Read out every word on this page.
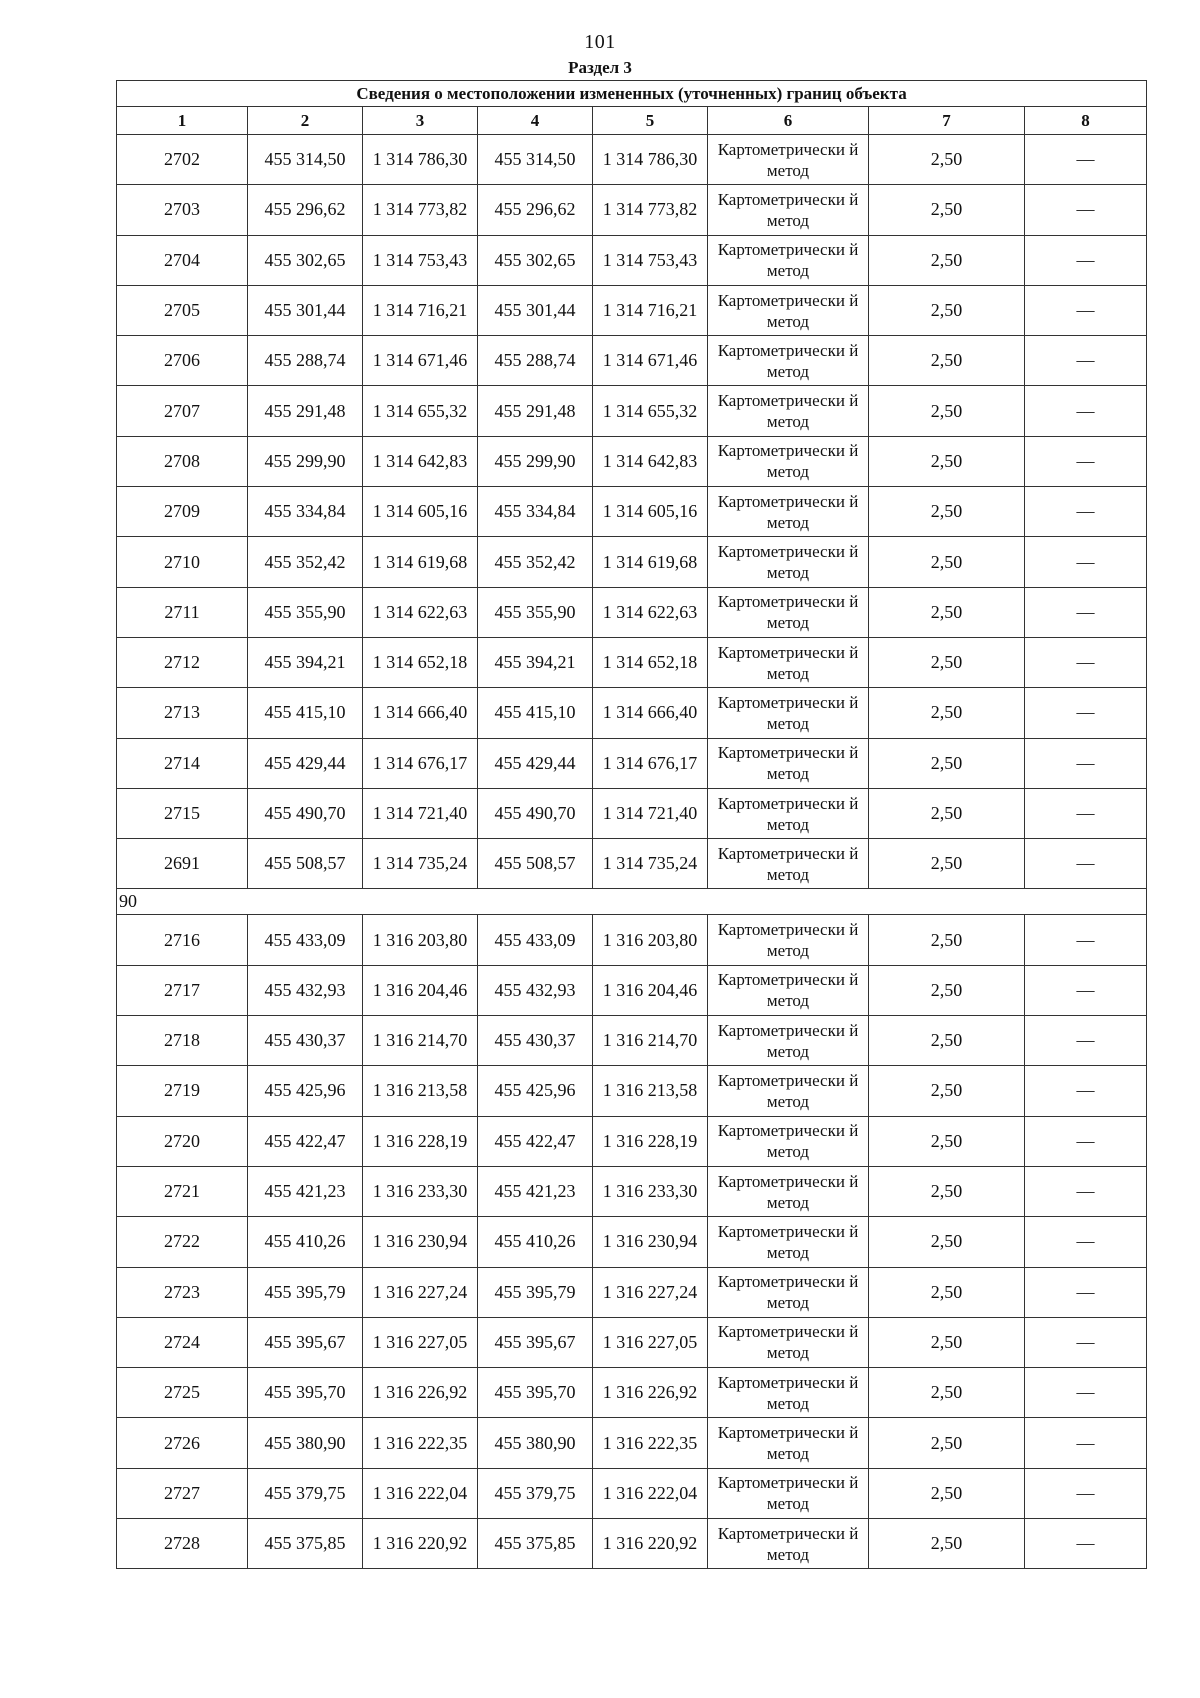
101
Раздел 3
Сведения о местоположении измененных (уточненных) границ объекта							
1	2	3	4	5	6	7	8
2702	455 314,50	1 314 786,30	455 314,50	1 314 786,30	Картометрически й метод	2,50	—
2703	455 296,62	1 314 773,82	455 296,62	1 314 773,82	Картометрически й метод	2,50	—
2704	455 302,65	1 314 753,43	455 302,65	1 314 753,43	Картометрически й метод	2,50	—
2705	455 301,44	1 314 716,21	455 301,44	1 314 716,21	Картометрически й метод	2,50	—
2706	455 288,74	1 314 671,46	455 288,74	1 314 671,46	Картометрически й метод	2,50	—
2707	455 291,48	1 314 655,32	455 291,48	1 314 655,32	Картометрически й метод	2,50	—
2708	455 299,90	1 314 642,83	455 299,90	1 314 642,83	Картометрически й метод	2,50	—
2709	455 334,84	1 314 605,16	455 334,84	1 314 605,16	Картометрически й метод	2,50	—
2710	455 352,42	1 314 619,68	455 352,42	1 314 619,68	Картометрически й метод	2,50	—
2711	455 355,90	1 314 622,63	455 355,90	1 314 622,63	Картометрически й метод	2,50	—
2712	455 394,21	1 314 652,18	455 394,21	1 314 652,18	Картометрически й метод	2,50	—
2713	455 415,10	1 314 666,40	455 415,10	1 314 666,40	Картометрически й метод	2,50	—
2714	455 429,44	1 314 676,17	455 429,44	1 314 676,17	Картометрически й метод	2,50	—
2715	455 490,70	1 314 721,40	455 490,70	1 314 721,40	Картометрически й метод	2,50	—
2691	455 508,57	1 314 735,24	455 508,57	1 314 735,24	Картометрически й метод	2,50	—
90							
2716	455 433,09	1 316 203,80	455 433,09	1 316 203,80	Картометрически й метод	2,50	—
2717	455 432,93	1 316 204,46	455 432,93	1 316 204,46	Картометрически й метод	2,50	—
2718	455 430,37	1 316 214,70	455 430,37	1 316 214,70	Картометрически й метод	2,50	—
2719	455 425,96	1 316 213,58	455 425,96	1 316 213,58	Картометрически й метод	2,50	—
2720	455 422,47	1 316 228,19	455 422,47	1 316 228,19	Картометрически й метод	2,50	—
2721	455 421,23	1 316 233,30	455 421,23	1 316 233,30	Картометрически й метод	2,50	—
2722	455 410,26	1 316 230,94	455 410,26	1 316 230,94	Картометрически й метод	2,50	—
2723	455 395,79	1 316 227,24	455 395,79	1 316 227,24	Картометрически й метод	2,50	—
2724	455 395,67	1 316 227,05	455 395,67	1 316 227,05	Картометрически й метод	2,50	—
2725	455 395,70	1 316 226,92	455 395,70	1 316 226,92	Картометрически й метод	2,50	—
2726	455 380,90	1 316 222,35	455 380,90	1 316 222,35	Картометрически й метод	2,50	—
2727	455 379,75	1 316 222,04	455 379,75	1 316 222,04	Картометрически й метод	2,50	—
2728	455 375,85	1 316 220,92	455 375,85	1 316 220,92	Картометрически й метод	2,50	—
